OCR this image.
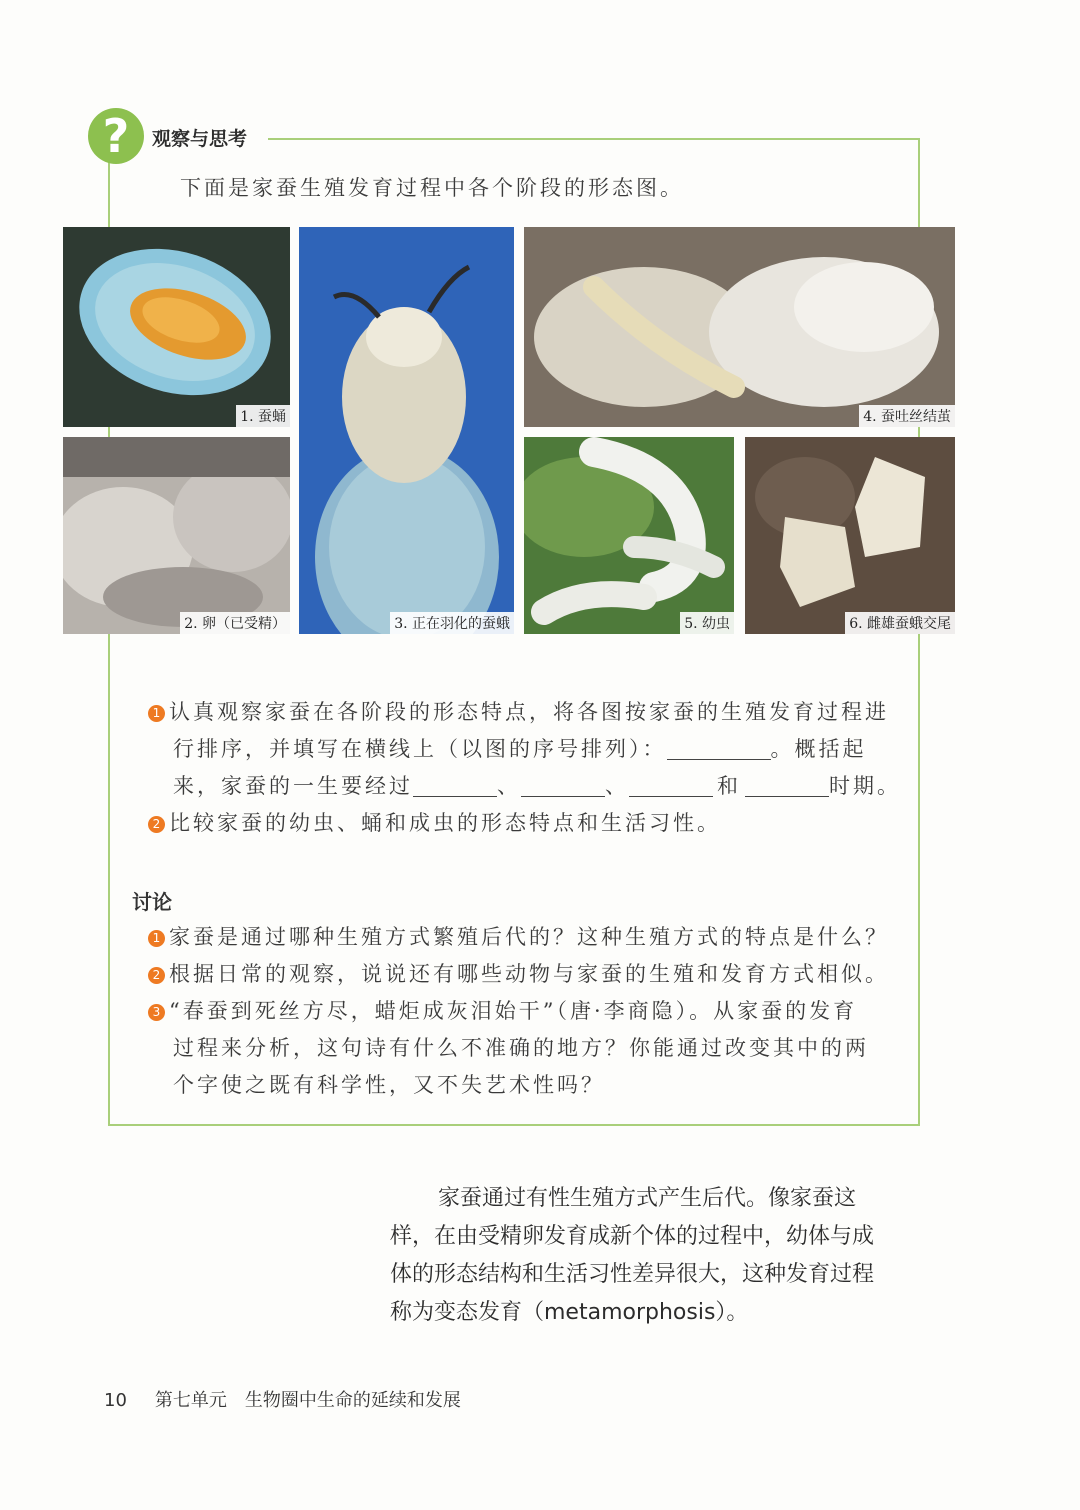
?	观察与思考
下面是家蚕生殖发育过程中各个阶段的形态图。
1. 蚕蛹
2. 卵（已受精）	3. 正在羽化的蚕蛾
4. 蚕吐丝结茧
5. 幼虫	6. 雌雄蚕蛾交尾
1 认真观察家蚕在各阶段的形态特点，将各图按家蚕的生殖发育过程进
行排序，并填写在横线上（以图的序号排列）：	。概括起
来，家蚕的一生要经过	、	、	和	时期。
2 比较家蚕的幼虫、蛹和成虫的形态特点和生活习性。
讨论
1 家蚕是通过哪种生殖方式繁殖后代的？这种生殖方式的特点是什么？
2 根据日常的观察，说说还有哪些动物与家蚕的生殖和发育方式相似。
3 “春蚕到死丝方尽，蜡炬成灰泪始干”（唐·李商隐）。从家蚕的发育
过程来分析，这句诗有什么不准确的地方？你能通过改变其中的两
个字使之既有科学性，又不失艺术性吗？
家蚕通过有性生殖方式产生后代。像家蚕这
样，在由受精卵发育成新个体的过程中，幼体与成
体的形态结构和生活习性差异很大，这种发育过程
称为变态发育（metamorphosis）。
10 第七单元　生物圈中生命的延续和发展
